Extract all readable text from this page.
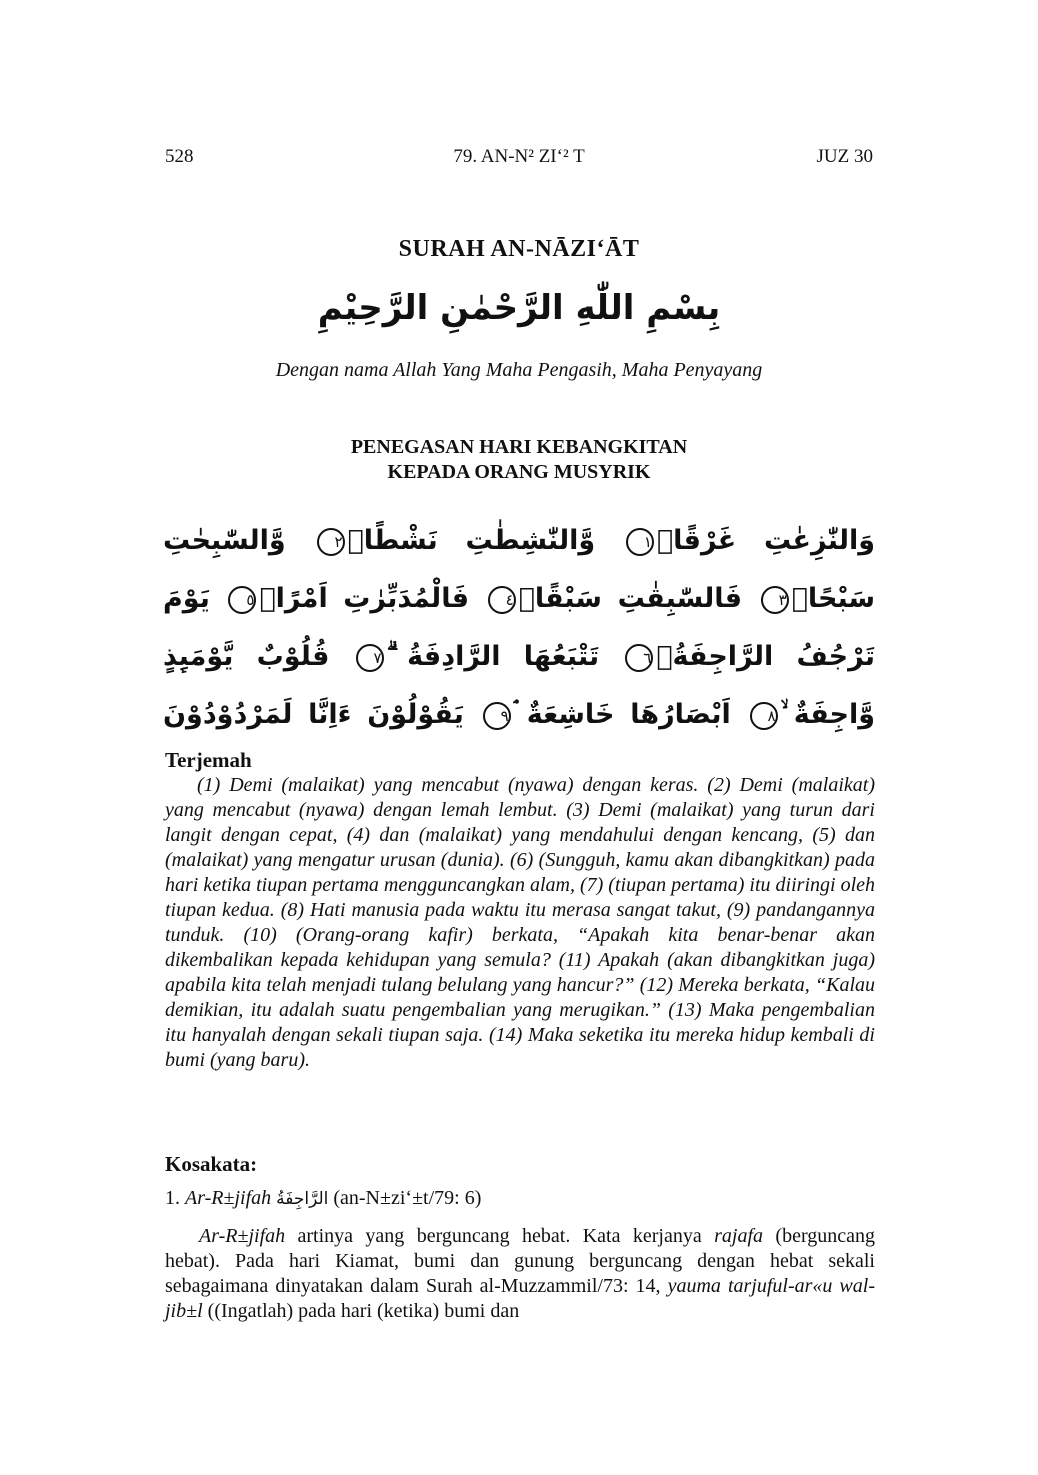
528	79. AN-N² ZI‘² T	JUZ 30
SURAH AN-NĀZI‘ĀT
بِسْمِ اللّٰهِ الرَّحْمٰنِ الرَّحِيْمِ
Dengan nama Allah Yang Maha Pengasih, Maha Penyayang
PENEGASAN HARI KEBANGKITAN
KEPADA ORANG MUSYRIK
وَالنّٰزِعٰتِ غَرْقًاۙ١ وَّالنّٰشِطٰتِ نَشْطًاۙ٢ وَّالسّٰبِحٰتِ سَبْحًاۙ٣ فَالسّٰبِقٰتِ سَبْقًاۙ٤ فَالْمُدَبِّرٰتِ اَمْرًاۘ٥ يَوْمَ تَرْجُفُ الرَّاجِفَةُۙ٦ تَتْبَعُهَا الرَّادِفَةُ ۗ٧ قُلُوْبٌ يَّوْمَىِٕذٍ وَّاجِفَةٌ ۙ٨ اَبْصَارُهَا خَاشِعَةٌ ۘ٩ يَقُوْلُوْنَ ءَاِنَّا لَمَرْدُوْدُوْنَ
Terjemah

(1) Demi (malaikat) yang mencabut (nyawa) dengan keras. (2) Demi (malaikat) yang mencabut (nyawa) dengan lemah lembut. (3) Demi (malaikat) yang turun dari langit dengan cepat, (4) dan (malaikat) yang mendahului dengan kencang, (5) dan (malaikat) yang mengatur urusan (dunia). (6) (Sungguh, kamu akan dibangkitkan) pada hari ketika tiupan pertama mengguncangkan alam, (7) (tiupan pertama) itu diiringi oleh tiupan kedua. (8) Hati manusia pada waktu itu merasa sangat takut, (9) pandangannya tunduk. (10) (Orang-orang kafir) berkata, “Apakah kita benar-benar akan dikembalikan kepada kehidupan yang semula? (11) Apakah (akan dibangkitkan juga) apabila kita telah menjadi tulang belulang yang hancur?” (12) Mereka berkata, “Kalau demikian, itu adalah suatu pengembalian yang merugikan.” (13) Maka pengembalian itu hanyalah dengan sekali tiupan saja. (14) Maka seketika itu mereka hidup kembali di bumi (yang baru).

Kosakata:
1. Ar-R±jifah الرَّاجِفَةُ (an-N±zi‘±t/79: 6)

Ar-R±jifah artinya yang berguncang hebat. Kata kerjanya rajafa (berguncang hebat). Pada hari Kiamat, bumi dan gunung berguncang dengan hebat sekali sebagaimana dinyatakan dalam Surah al-Muzzammil/73: 14, yauma tarjuful-ar«u wal-jib±l ((Ingatlah) pada hari (ketika) bumi dan
